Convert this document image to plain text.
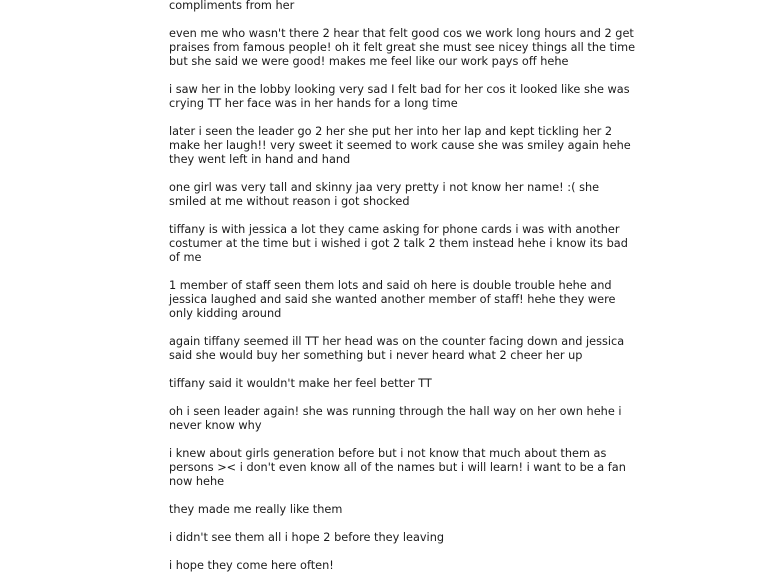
compliments from her

even me who wasn't there 2 hear that felt good cos we work long hours and 2 get praises from famous people! oh it felt great she must see nicey things all the time but she said we were good! makes me feel like our work pays off hehe

i saw her in the lobby looking very sad I felt bad for her cos it looked like she was crying TT her face was in her hands for a long time

later i seen the leader go 2 her she put her into her lap and kept tickling her 2 make her laugh!! very sweet it seemed to work cause she was smiley again hehe they went left in hand and hand

one girl was very tall and skinny jaa very pretty i not know her name! :( she smiled at me without reason i got shocked

tiffany is with jessica a lot they came asking for phone cards i was with another costumer at the time but i wished i got 2 talk 2 them instead hehe i know its bad of me

1 member of staff seen them lots and said oh here is double trouble hehe and jessica laughed and said she wanted another member of staff! hehe they were only kidding around

again tiffany seemed ill TT her head was on the counter facing down and jessica said she would buy her something but i never heard what 2 cheer her up

tiffany said it wouldn't make her feel better TT

oh i seen leader again! she was running through the hall way on her own hehe i never know why

i knew about girls generation before but i not know that much about them as persons >< i don't even know all of the names but i will learn! i want to be a fan now hehe

they made me really like them

i didn't see them all i hope 2 before they leaving

i hope they come here often!
